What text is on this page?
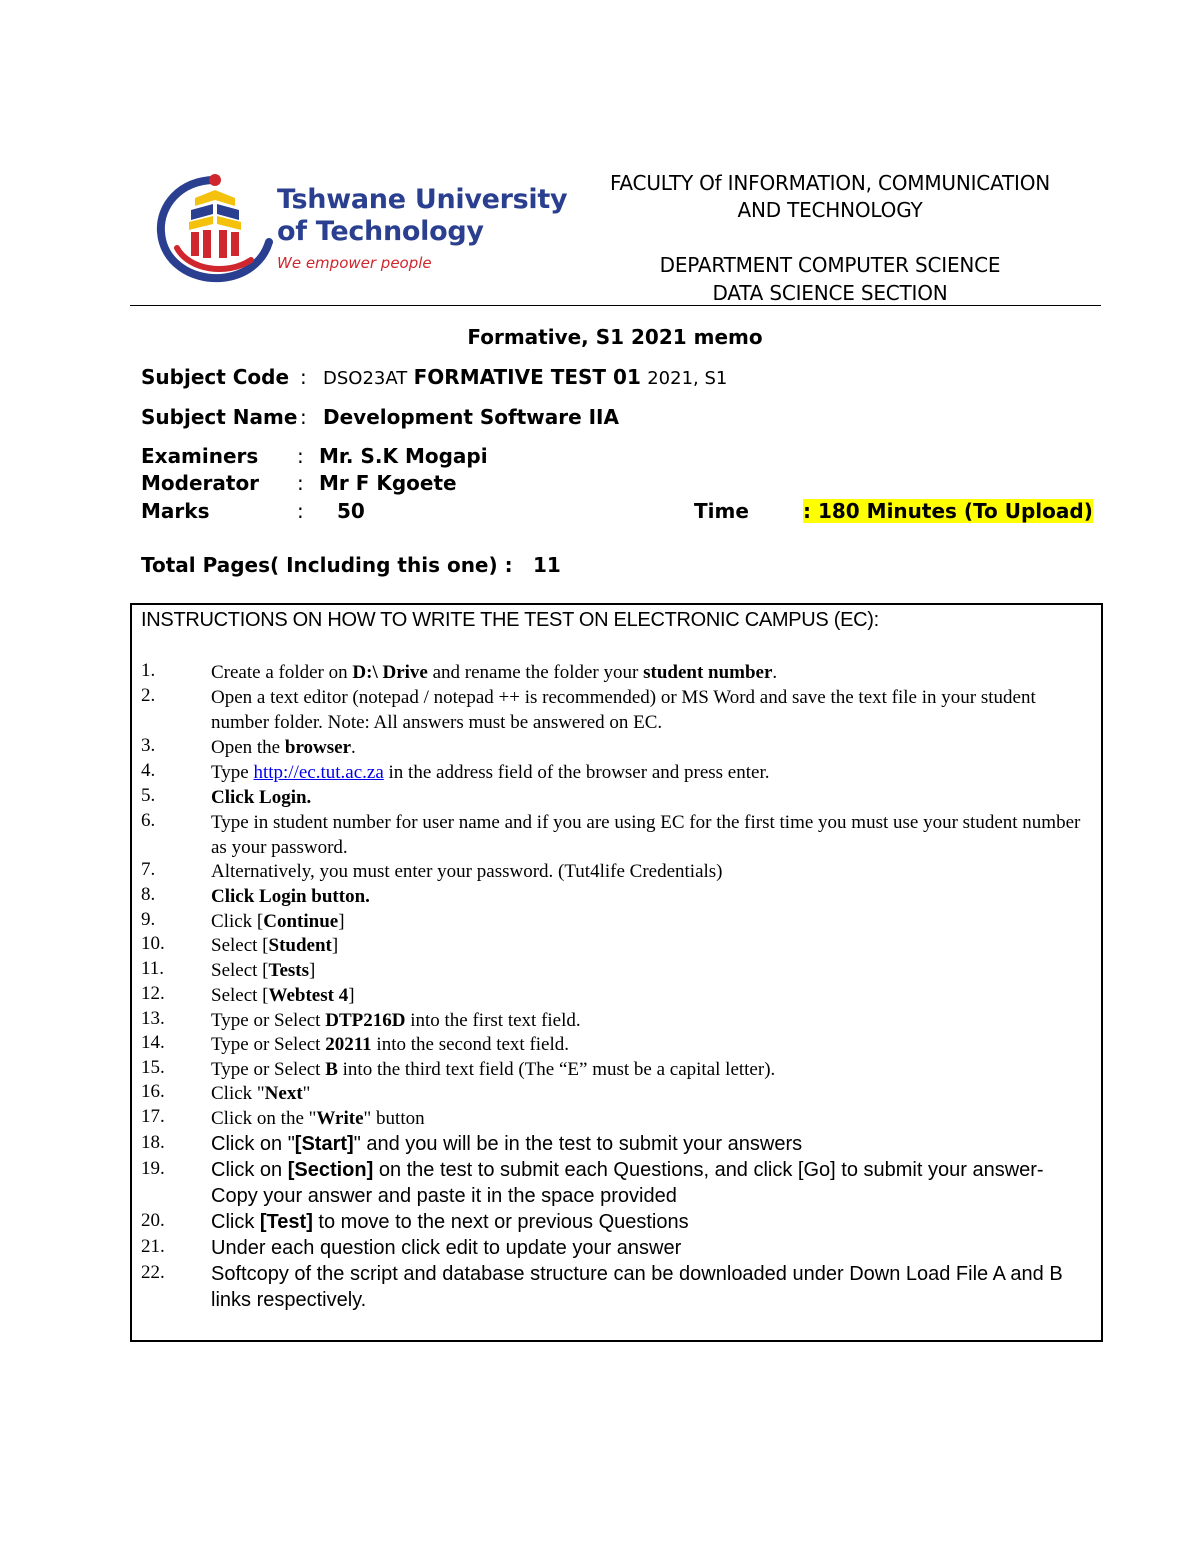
Tshwane University
of Technology
We empower people
FACULTY Of INFORMATION, COMMUNICATION
AND TECHNOLOGY
DEPARTMENT COMPUTER SCIENCE
DATA SCIENCE SECTION
Formative, S1 2021 memo
Subject Code : DSO23AT FORMATIVE TEST 01 2021, S1
Subject Name : Development Software IIA
Examiners : Mr. S.K Mogapi
Moderator : Mr F Kgoete
Marks	: 50	Time	: 180 Minutes (To Upload)
Total Pages( Including this one) : 11
INSTRUCTIONS ON HOW TO WRITE THE TEST ON ELECTRONIC CAMPUS (EC):
1.	Create a folder on D:\ Drive and rename the folder your student number.
2.	Open a text editor (notepad / notepad ++ is recommended) or MS Word and save the text file in your student number folder. Note: All answers must be answered on EC.
3.	Open the browser.
4.	Type http://ec.tut.ac.za in the address field of the browser and press enter.
5.	Click Login.
6.	Type in student number for user name and if you are using EC for the first time you must use your student number as your password.
7.	Alternatively, you must enter your password. (Tut4life Credentials)
8.	Click Login button.
9.	Click [Continue]
10. Select [Student]
11. Select [Tests]
12. Select [Webtest 4]
13. Type or Select DTP216D into the first text field.
14. Type or Select 20211 into the second text field.
15. Type or Select B into the third text field (The “E” must be a capital letter).
16. Click "Next"
17. Click on the "Write" button
18. Click on "[Start]" and you will be in the test to submit your answers
19. Click on [Section] on the test to submit each Questions, and click [Go] to submit your answer- Copy your answer and paste it in the space provided
20. Click [Test] to move to the next or previous Questions
21. Under each question click edit to update your answer
22. Softcopy of the script and database structure can be downloaded under Down Load File A and B links respectively.
